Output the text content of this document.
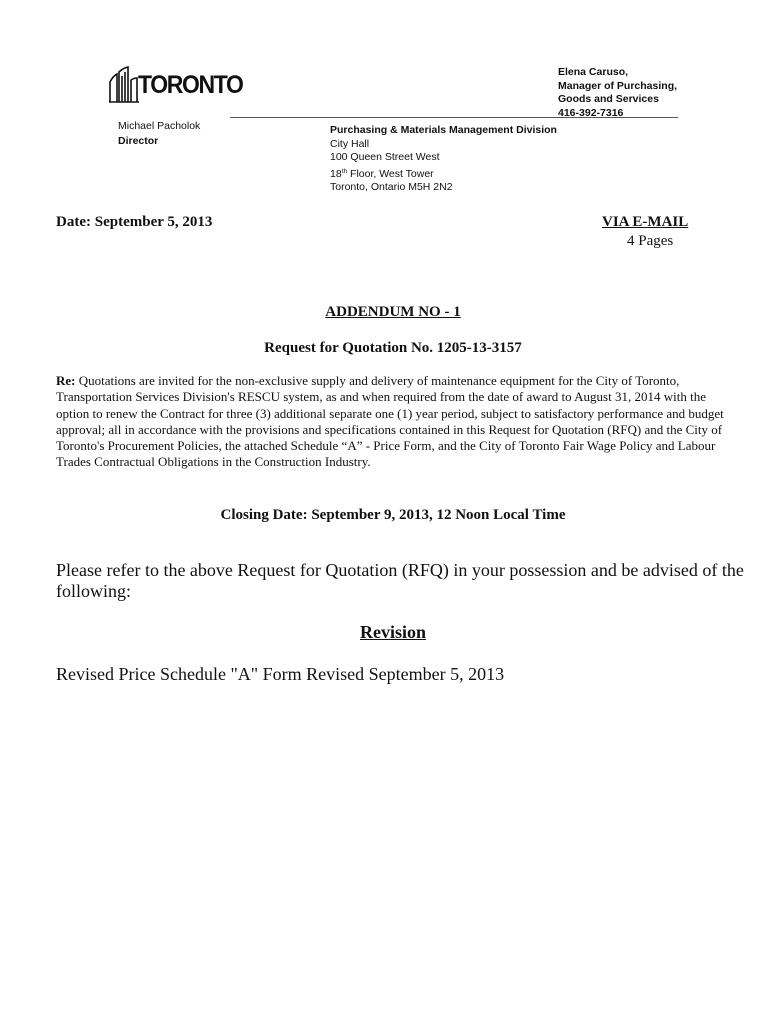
TORONTO	Elena Caruso,
Manager of Purchasing,
Goods and Services
416-392-7316
Michael Pacholok
Director
Purchasing & Materials Management Division
City Hall
100 Queen Street West
18th Floor, West Tower
Toronto, Ontario M5H 2N2
Date: September 5, 2013	VIA E-MAIL
4 Pages
ADDENDUM NO - 1
Request for Quotation No. 1205-13-3157
Re: Quotations are invited for the non-exclusive supply and delivery of maintenance equipment for the City of Toronto, Transportation Services Division's RESCU system, as and when required from the date of award to August 31, 2014 with the option to renew the Contract for three (3) additional separate one (1) year period, subject to satisfactory performance and budget approval; all in accordance with the provisions and specifications contained in this Request for Quotation (RFQ) and the City of Toronto's Procurement Policies, the attached Schedule “A” - Price Form, and the City of Toronto Fair Wage Policy and Labour Trades Contractual Obligations in the Construction Industry.
Closing Date: September 9, 2013, 12 Noon Local Time
Please refer to the above Request for Quotation (RFQ) in your possession and be advised of the following:
Revision
Revised Price Schedule "A" Form Revised September 5, 2013
